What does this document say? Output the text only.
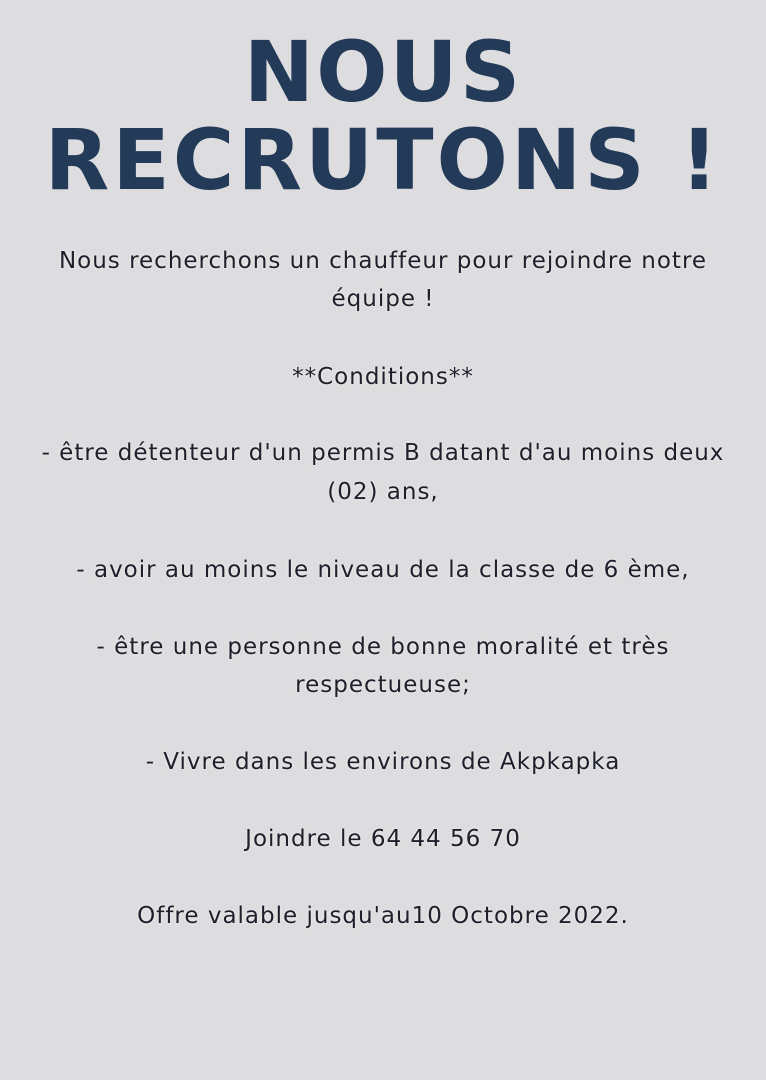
NOUS
RECRUTONS !

Nous recherchons un chauffeur pour rejoindre notre

équipe !

**Conditions**

- être détenteur d'un permis B datant d'au moins deux

(02) ans,

- avoir au moins le niveau de la classe de 6 ème,

- être une personne de bonne moralité et très

respectueuse;

- Vivre dans les environs de Akpkapka

Joindre le 64 44 56 70

Offre valable jusqu'au10 Octobre 2022.
